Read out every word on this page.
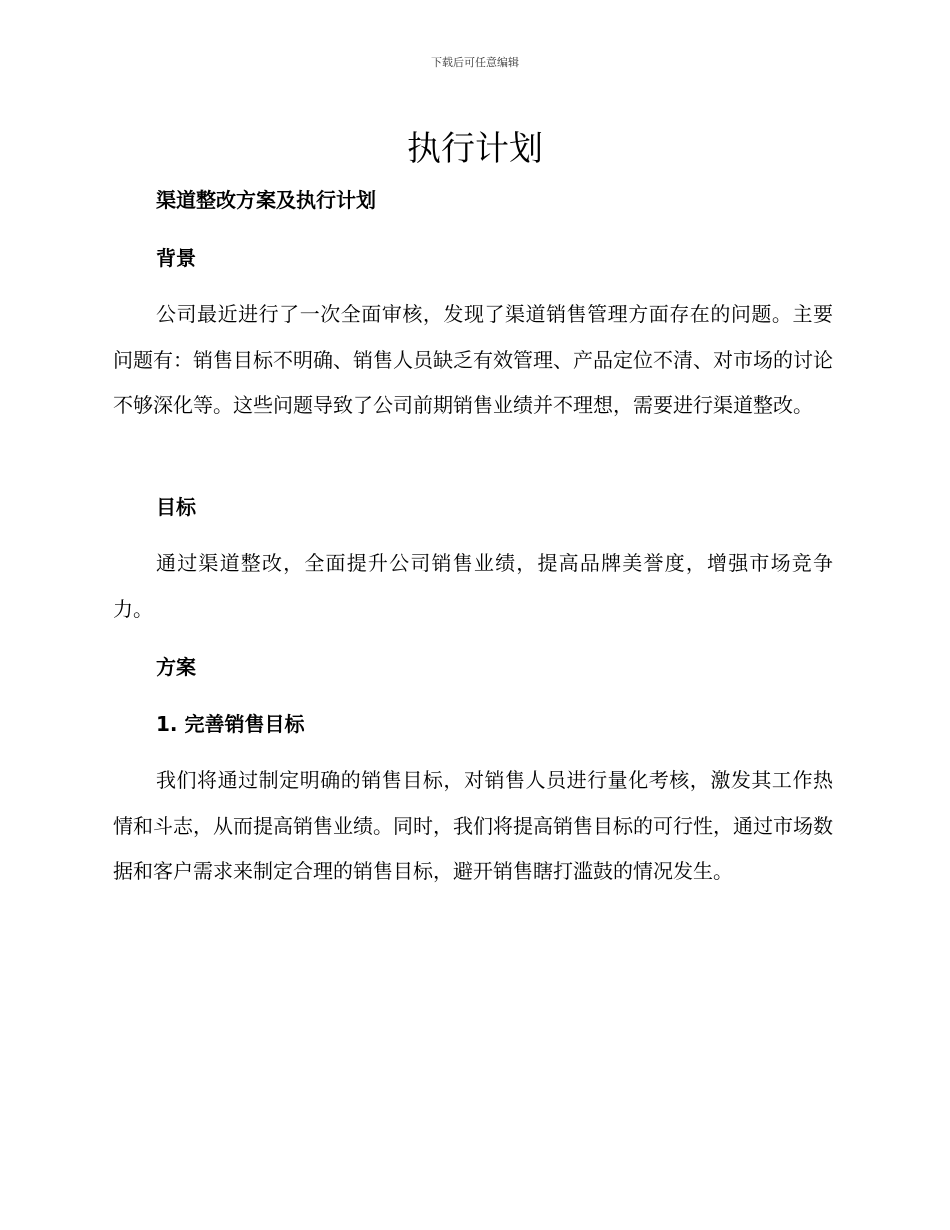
下载后可任意编辑
执行计划
渠道整改方案及执行计划
背景

公司最近进行了一次全面审核，发现了渠道销售管理方面存在的问题。主要问题有：销售目标不明确、销售人员缺乏有效管理、产品定位不清、对市场的讨论不够深化等。这些问题导致了公司前期销售业绩并不理想，需要进行渠道整改。

目标

通过渠道整改，全面提升公司销售业绩，提高品牌美誉度，增强市场竞争力。

方案
1. 完善销售目标

我们将通过制定明确的销售目标，对销售人员进行量化考核，激发其工作热情和斗志，从而提高销售业绩。同时，我们将提高销售目标的可行性，通过市场数据和客户需求来制定合理的销售目标，避开销售瞎打滥鼓的情况发生。
